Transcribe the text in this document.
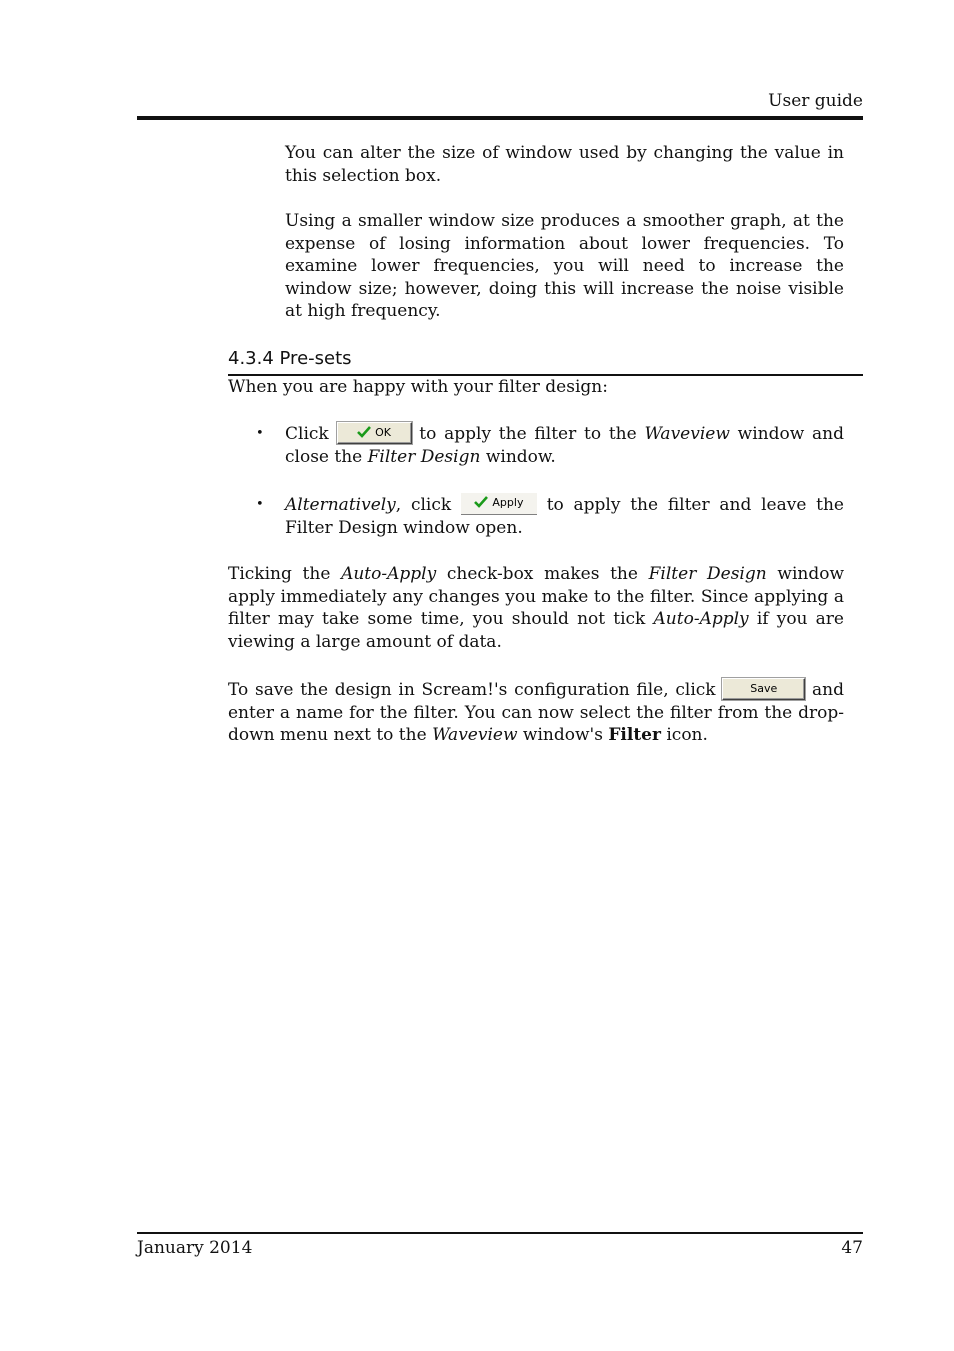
User guide

You can alter the size of window used by changing the value in this selection box.

Using a smaller window size produces a smoother graph, at the expense of losing information about lower frequencies. To examine lower frequencies, you will need to increase the window size; however, doing this will increase the noise visible at high frequency.

4.3.4 Pre-sets

When you are happy with your filter design:

• Click	OK to apply the filter to the Waveview window and close the Filter Design window.

• Alternatively, click	Apply to apply the filter and leave the Filter Design window open.

Ticking the Auto-Apply check-box makes the Filter Design window apply immediately any changes you make to the filter. Since applying a filter may take some time, you should not tick Auto-Apply if you are viewing a large amount of data.

To save the design in Scream!'s configuration file, click	Save and enter a name for the filter. You can now select the filter from the drop-down menu next to the Waveview window's Filter icon.

January 2014	47
